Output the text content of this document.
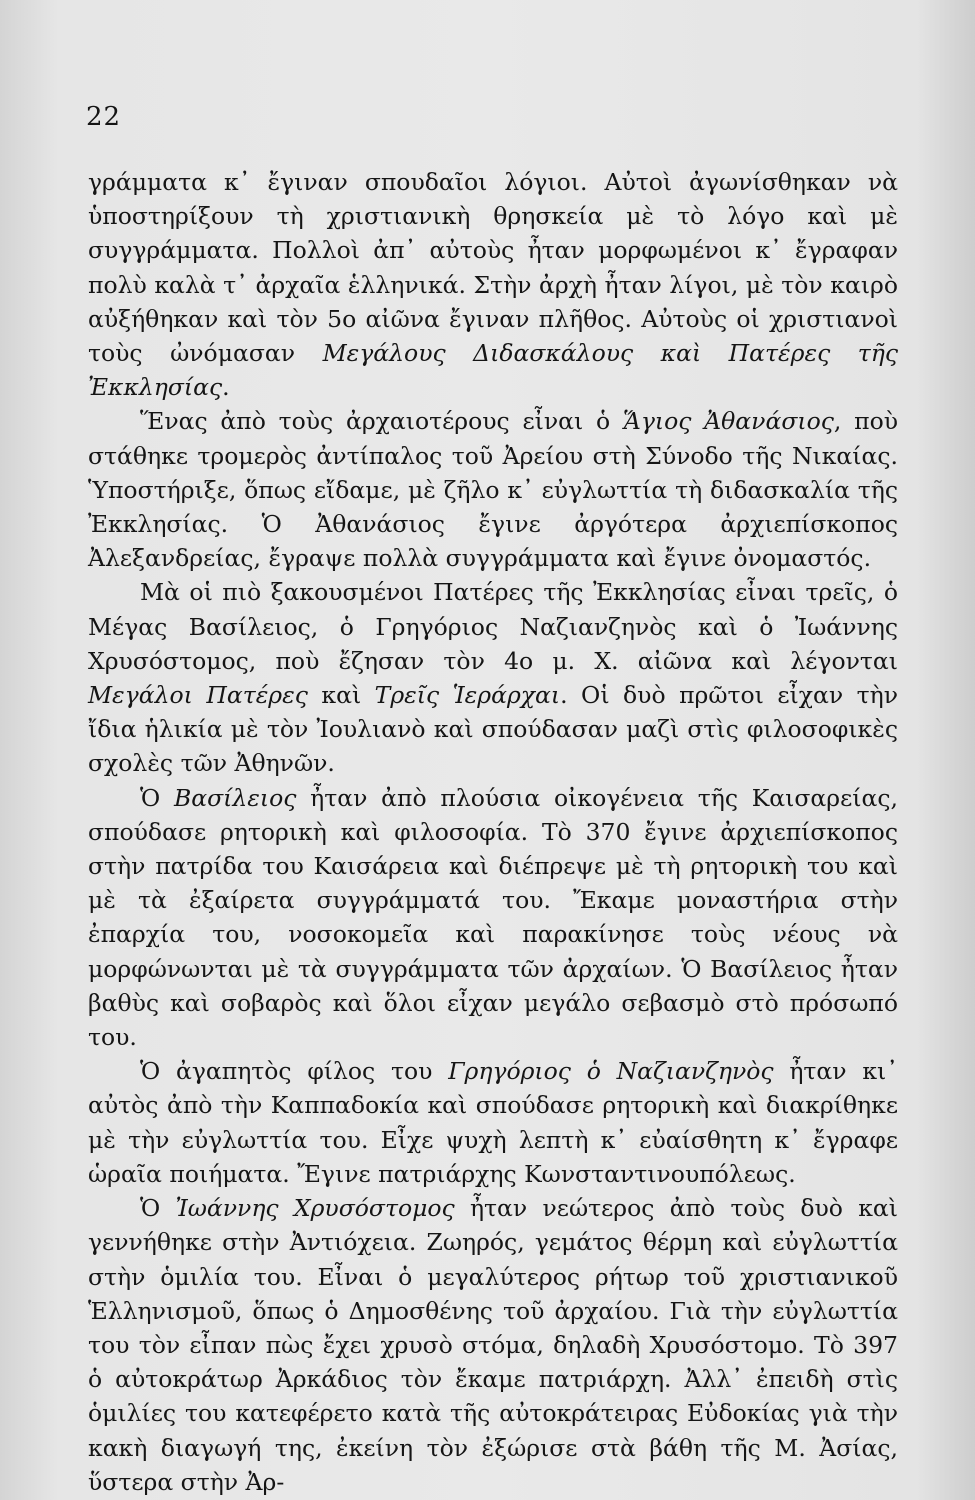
22

γράμματα κ᾽ ἔγιναν σπουδαῖοι λόγιοι. Αὐτοὶ ἀγωνίσθηκαν νὰ ὑποστηρίξουν τὴ χριστιανικὴ θρησκεία μὲ τὸ λόγο καὶ μὲ συγγράμματα. Πολλοὶ ἀπ᾽ αὐτοὺς ἦταν μορφωμένοι κ᾽ ἔγραφαν πολὺ καλὰ τ᾽ ἀρχαῖα ἑλληνικά. Στὴν ἀρχὴ ἦταν λίγοι, μὲ τὸν καιρὸ αὐξήθηκαν καὶ τὸν 5ο αἰῶνα ἔγιναν πλῆθος. Αὐτοὺς οἱ χριστιανοὶ τοὺς ὠνόμασαν Μεγάλους Διδασκάλους καὶ Πατέρες τῆς Ἐκκλησίας.

Ἕνας ἀπὸ τοὺς ἀρχαιοτέρους εἶναι ὁ Ἅγιος Ἀθανάσιος, ποὺ στάθηκε τρομερὸς ἀντίπαλος τοῦ Ἀρείου στὴ Σύνοδο τῆς Νικαίας. Ὑποστήριξε, ὅπως εἴδαμε, μὲ ζῆλο κ᾽ εὐγλωττία τὴ διδασκαλία τῆς Ἐκκλησίας. Ὁ Ἀθανάσιος ἔγινε ἀργότερα ἀρχιεπίσκοπος Ἀλεξανδρείας, ἔγραψε πολλὰ συγγράμματα καὶ ἔγινε ὀνομαστός.

Μὰ οἱ πιὸ ξακουσμένοι Πατέρες τῆς Ἐκκλησίας εἶναι τρεῖς, ὁ Μέγας Βασίλειος, ὁ Γρηγόριος Ναζιανζηνὸς καὶ ὁ Ἰωάννης Χρυσόστομος, ποὺ ἔζησαν τὸν 4ο μ. Χ. αἰῶνα καὶ λέγονται Μεγάλοι Πατέρες καὶ Τρεῖς Ἱεράρχαι. Οἱ δυὸ πρῶτοι εἶχαν τὴν ἴδια ἡλικία μὲ τὸν Ἰουλιανὸ καὶ σπούδασαν μαζὶ στὶς φιλοσοφικὲς σχολὲς τῶν Ἀθηνῶν.

Ὁ Βασίλειος ἦταν ἀπὸ πλούσια οἰκογένεια τῆς Καισαρείας, σπούδασε ρητορικὴ καὶ φιλοσοφία. Τὸ 370 ἔγινε ἀρχιεπίσκοπος στὴν πατρίδα του Καισάρεια καὶ διέπρεψε μὲ τὴ ρητορικὴ του καὶ μὲ τὰ ἐξαίρετα συγγράμματά του. Ἔκαμε μοναστήρια στὴν ἐπαρχία του, νοσοκομεῖα καὶ παρακίνησε τοὺς νέους νὰ μορφώνωνται μὲ τὰ συγγράμματα τῶν ἀρχαίων. Ὁ Βασίλειος ἦταν βαθὺς καὶ σοβαρὸς καὶ ὅλοι εἶχαν μεγάλο σεβασμὸ στὸ πρόσωπό του.

Ὁ ἀγαπητὸς φίλος του Γρηγόριος ὁ Ναζιανζηνὸς ἦταν κι᾽ αὐτὸς ἀπὸ τὴν Καππαδοκία καὶ σπούδασε ρητορικὴ καὶ διακρίθηκε μὲ τὴν εὐγλωττία του. Εἶχε ψυχὴ λεπτὴ κ᾽ εὐαίσθητη κ᾽ ἔγραφε ὡραῖα ποιήματα. Ἔγινε πατριάρχης Κωνσταντινουπόλεως.

Ὁ Ἰωάννης Χρυσόστομος ἦταν νεώτερος ἀπὸ τοὺς δυὸ καὶ γεννήθηκε στὴν Ἀντιόχεια. Ζωηρός, γεμάτος θέρμη καὶ εὐγλωττία στὴν ὁμιλία του. Εἶναι ὁ μεγαλύτερος ρήτωρ τοῦ χριστιανικοῦ Ἑλληνισμοῦ, ὅπως ὁ Δημοσθένης τοῦ ἀρχαίου. Γιὰ τὴν εὐγλωττία του τὸν εἶπαν πὼς ἔχει χρυσὸ στόμα, δηλαδὴ Χρυσόστομο. Τὸ 397 ὁ αὐτοκράτωρ Ἀρκάδιος τὸν ἔκαμε πατριάρχη. Ἀλλ᾽ ἐπειδὴ στὶς ὁμιλίες του κατεφέρετο κατὰ τῆς αὐτοκράτειρας Εὐδοκίας γιὰ τὴν κακὴ διαγωγή της, ἐκείνη τὸν ἐξώρισε στὰ βάθη τῆς Μ. Ἀσίας, ὕστερα στὴν Ἀρ-
